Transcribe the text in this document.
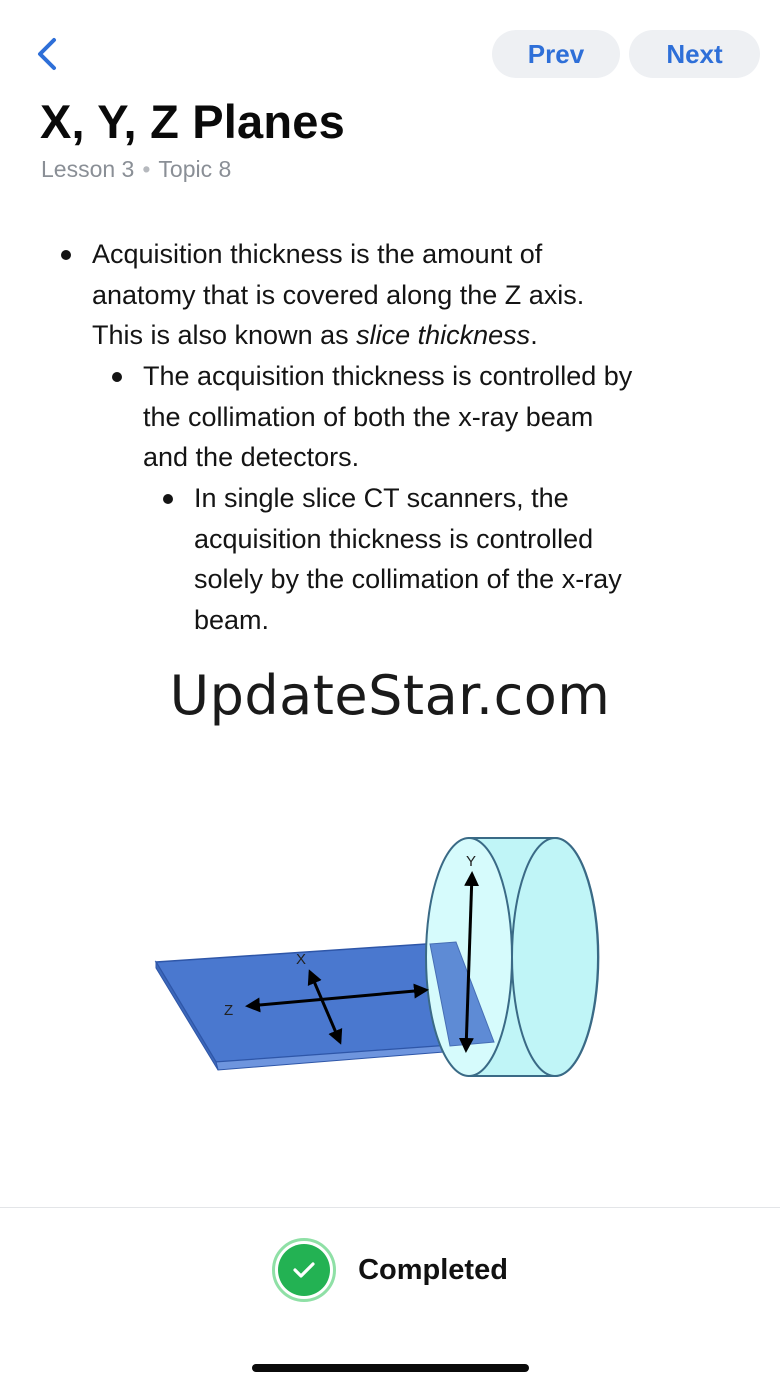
Prev	Next
X, Y, Z Planes
Lesson 3 • Topic 8

Acquisition thickness is the amount of
anatomy that is covered along the Z axis.
This is also known as slice thickness.

The acquisition thickness is controlled by
the collimation of both the x-ray beam
and the detectors.

In single slice CT scanners, the
acquisition thickness is controlled
solely by the collimation of the x-ray
beam.

UpdateStar.com
X
Z
Y
Completed
